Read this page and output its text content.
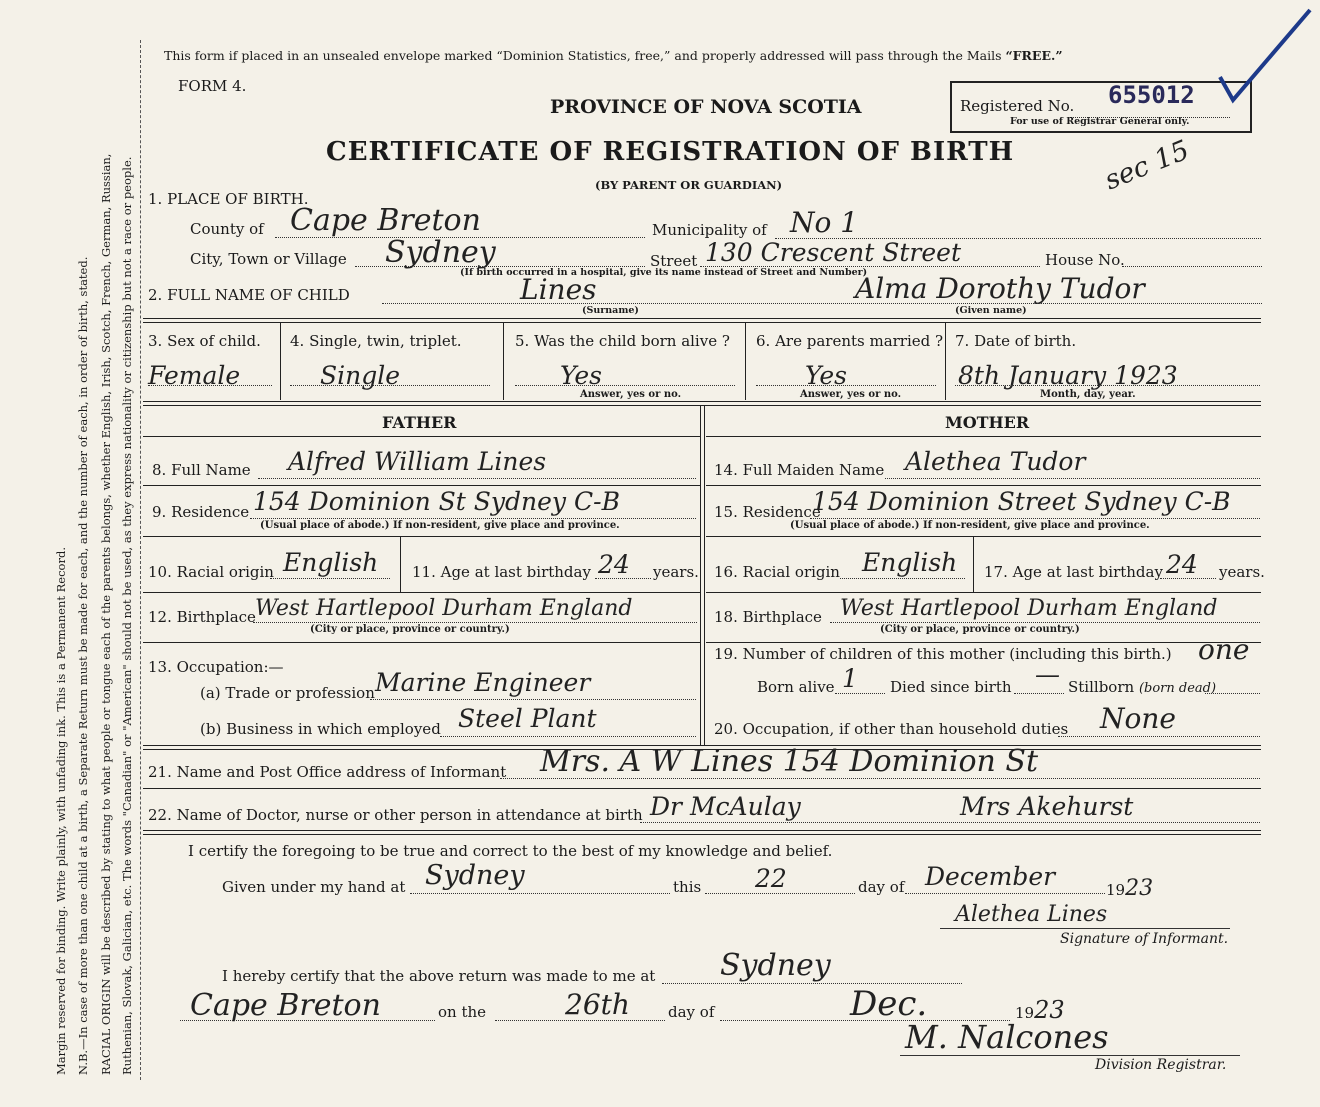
Margin reserved for binding. Write plainly, with unfading ink. This is a Permanent Record. N.B.—In case of more than one child at a birth, a Separate Return must be made for each, and the number of each, in order of birth, stated. RACIAL ORIGIN will be described by stating to what people or tongue each of the parents belongs, whether English, Irish, Scotch, French, German, Russian, Ruthenian, Slovak, Galician, etc. The words "Canadian" or "American" should not be used, as they express nationality or citizenship but not a race or people.
This form if placed in an unsealed envelope marked “Dominion Statistics, free,” and properly addressed will pass through the Mails “FREE.”
FORM 4.
PROVINCE OF NOVA SCOTIA	Registered No. 655012
For use of Registrar General only.
CERTIFICATE OF REGISTRATION OF BIRTH
(BY PARENT OR GUARDIAN)	sec 15
1. PLACE OF BIRTH.
County of Cape Breton	Municipality of No 1
City, Town or Village Sydney	Street 130 Crescent Street	House No.
(If birth occurred in a hospital, give its name instead of Street and Number)
2. FULL NAME OF CHILD	Lines	Alma Dorothy Tudor
(Surname)	(Given name)
3. Sex of child.
Female
4. Single, twin, triplet.
Single
5. Was the child born alive ?
Yes
Answer, yes or no.
6. Are parents married ?
Yes
Answer, yes or no.
7. Date of birth.
8th January 1923
Month, day, year.
FATHER	MOTHER
8. Full Name Alfred William Lines
9. Residence 154 Dominion St Sydney C-B
(Usual place of abode.) If non-resident, give place and province.
10. Racial origin English 11. Age at last birthday 24 years.
12. Birthplace West Hartlepool Durham England
(City or place, province or country.)
13. Occupation:—
(a) Trade or profession Marine Engineer
(b) Business in which employed Steel Plant
14. Full Maiden Name Alethea Tudor
15. Residence
154 Dominion Street Sydney C-B
(Usual place of abode.) If non-resident, give place and province.
16. Racial origin English 17. Age at last birthday 24 years.
18. Birthplace West Hartlepool Durham England
(City or place, province or country.)
19. Number of children of this mother (including this birth.) one
Born alive 1 Died since birth — Stillborn (born dead)
20. Occupation, if other than household duties None
21. Name and Post Office address of Informant Mrs. A W Lines 154 Dominion St
22. Name of Doctor, nurse or other person in attendance at birth Dr McAulay	Mrs Akehurst
I certify the foregoing to be true and correct to the best of my knowledge and belief.
Given under my hand at Sydney	this 22	day of December	1923
Alethea Lines
Signature of Informant.
I hereby certify that the above return was made to me at Sydney
Cape Breton	on the	26th	day of	Dec.	1923
M. Nalcones
Division Registrar.
